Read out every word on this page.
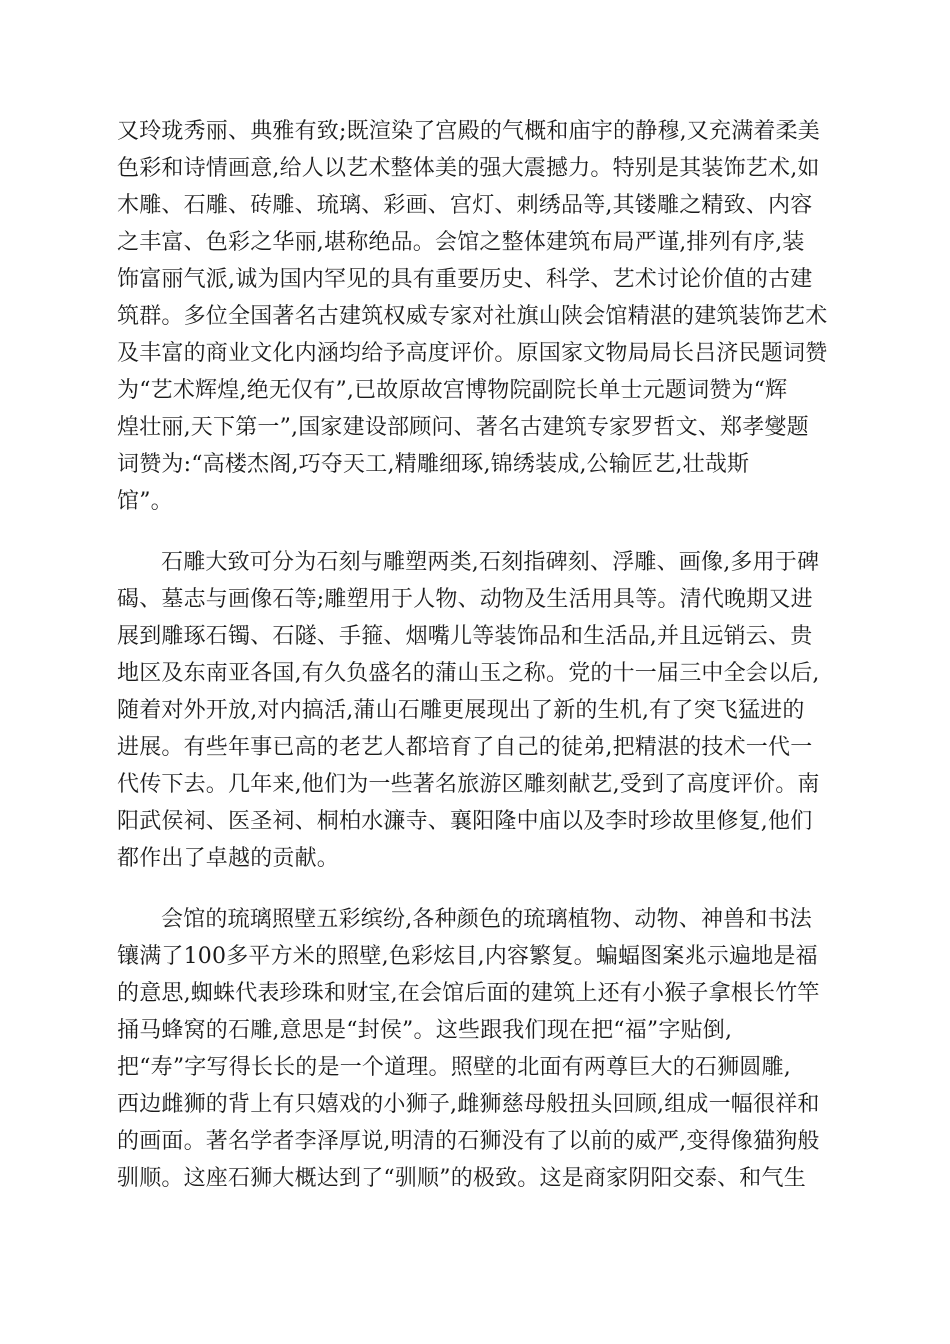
又玲珑秀丽、典雅有致;既渲染了宫殿的气概和庙宇的静穆,又充满着柔美
色彩和诗情画意,给人以艺术整体美的强大震撼力。特别是其装饰艺术,如
木雕、石雕、砖雕、琉璃、彩画、宫灯、刺绣品等,其镂雕之精致、内容
之丰富、色彩之华丽,堪称绝品。会馆之整体建筑布局严谨,排列有序,装
饰富丽气派,诚为国内罕见的具有重要历史、科学、艺术讨论价值的古建
筑群。多位全国著名古建筑权威专家对社旗山陕会馆精湛的建筑装饰艺术
及丰富的商业文化内涵均给予高度评价。原国家文物局局长吕济民题词赞
为“艺术辉煌,绝无仅有”,已故原故宫博物院副院长单士元题词赞为“辉
煌壮丽,天下第一”,国家建设部顾问、著名古建筑专家罗哲文、郑孝燮题
词赞为:“高楼杰阁,巧夺天工,精雕细琢,锦绣装成,公输匠艺,壮哉斯
馆”。
石雕大致可分为石刻与雕塑两类,石刻指碑刻、浮雕、画像,多用于碑
碣、墓志与画像石等;雕塑用于人物、动物及生活用具等。清代晚期又进
展到雕琢石镯、石隧、手箍、烟嘴儿等装饰品和生活品,并且远销云、贵
地区及东南亚各国,有久负盛名的蒲山玉之称。党的十一届三中全会以后,
随着对外开放,对内搞活,蒲山石雕更展现出了新的生机,有了突飞猛进的
进展。有些年事已高的老艺人都培育了自己的徒弟,把精湛的技术一代一
代传下去。几年来,他们为一些著名旅游区雕刻献艺,受到了高度评价。南
阳武侯祠、医圣祠、桐柏水濂寺、襄阳隆中庙以及李时珍故里修复,他们
都作出了卓越的贡献。
会馆的琉璃照壁五彩缤纷,各种颜色的琉璃植物、动物、神兽和书法
镶满了100多平方米的照壁,色彩炫目,内容繁复。蝙蝠图案兆示遍地是福
的意思,蜘蛛代表珍珠和财宝,在会馆后面的建筑上还有小猴子拿根长竹竿
捅马蜂窝的石雕,意思是“封侯”。这些跟我们现在把“福”字贴倒,
把“寿”字写得长长的是一个道理。照壁的北面有两尊巨大的石狮圆雕,
西边雌狮的背上有只嬉戏的小狮子,雌狮慈母般扭头回顾,组成一幅很祥和
的画面。著名学者李泽厚说,明清的石狮没有了以前的威严,变得像猫狗般
驯顺。这座石狮大概达到了“驯顺”的极致。这是商家阴阳交泰、和气生
